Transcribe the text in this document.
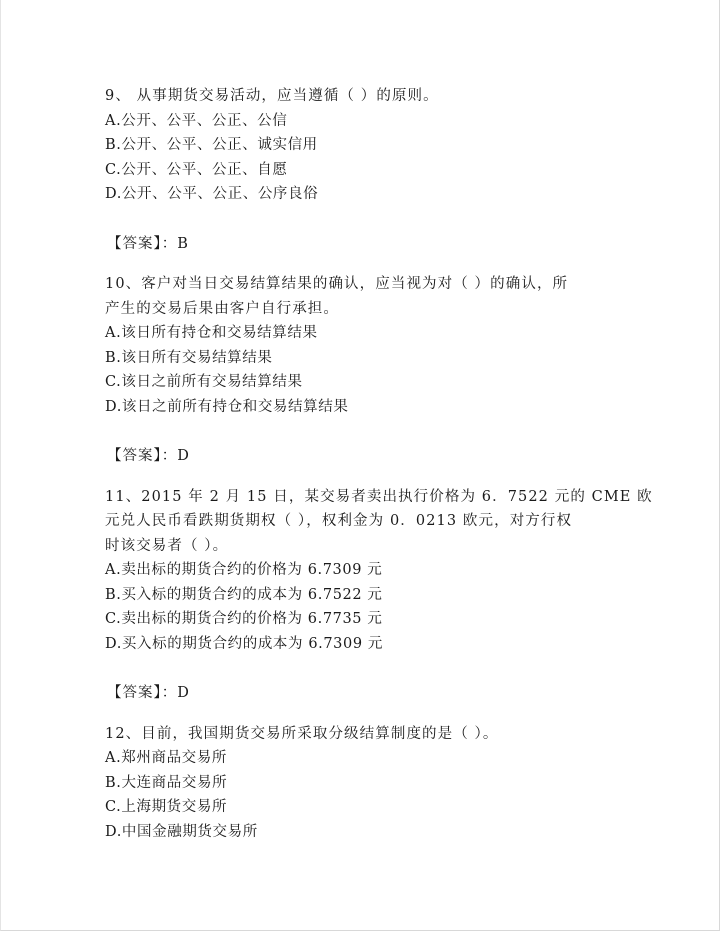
9、 从事期货交易活动，应当遵循（ ）的原则。
A.公开、公平、公正、公信
B.公开、公平、公正、诚实信用
C.公开、公平、公正、自愿
D.公开、公平、公正、公序良俗
【答案】：B
10、客户对当日交易结算结果的确认，应当视为对（ ）的确认，所
产生的交易后果由客户自行承担。
A.该日所有持仓和交易结算结果
B.该日所有交易结算结果
C.该日之前所有交易结算结果
D.该日之前所有持仓和交易结算结果
【答案】：D
11、2015 年 2 月 15 日，某交易者卖出执行价格为 6．7522 元的 CME 欧
元兑人民币看跌期货期权（ ），权利金为 0．0213 欧元，对方行权
时该交易者（ ）。
A.卖出标的期货合约的价格为 6.7309 元
B.买入标的期货合约的成本为 6.7522 元
C.卖出标的期货合约的价格为 6.7735 元
D.买入标的期货合约的成本为 6.7309 元
【答案】：D
12、目前，我国期货交易所采取分级结算制度的是（ ）。
A.郑州商品交易所
B.大连商品交易所
C.上海期货交易所
D.中国金融期货交易所
